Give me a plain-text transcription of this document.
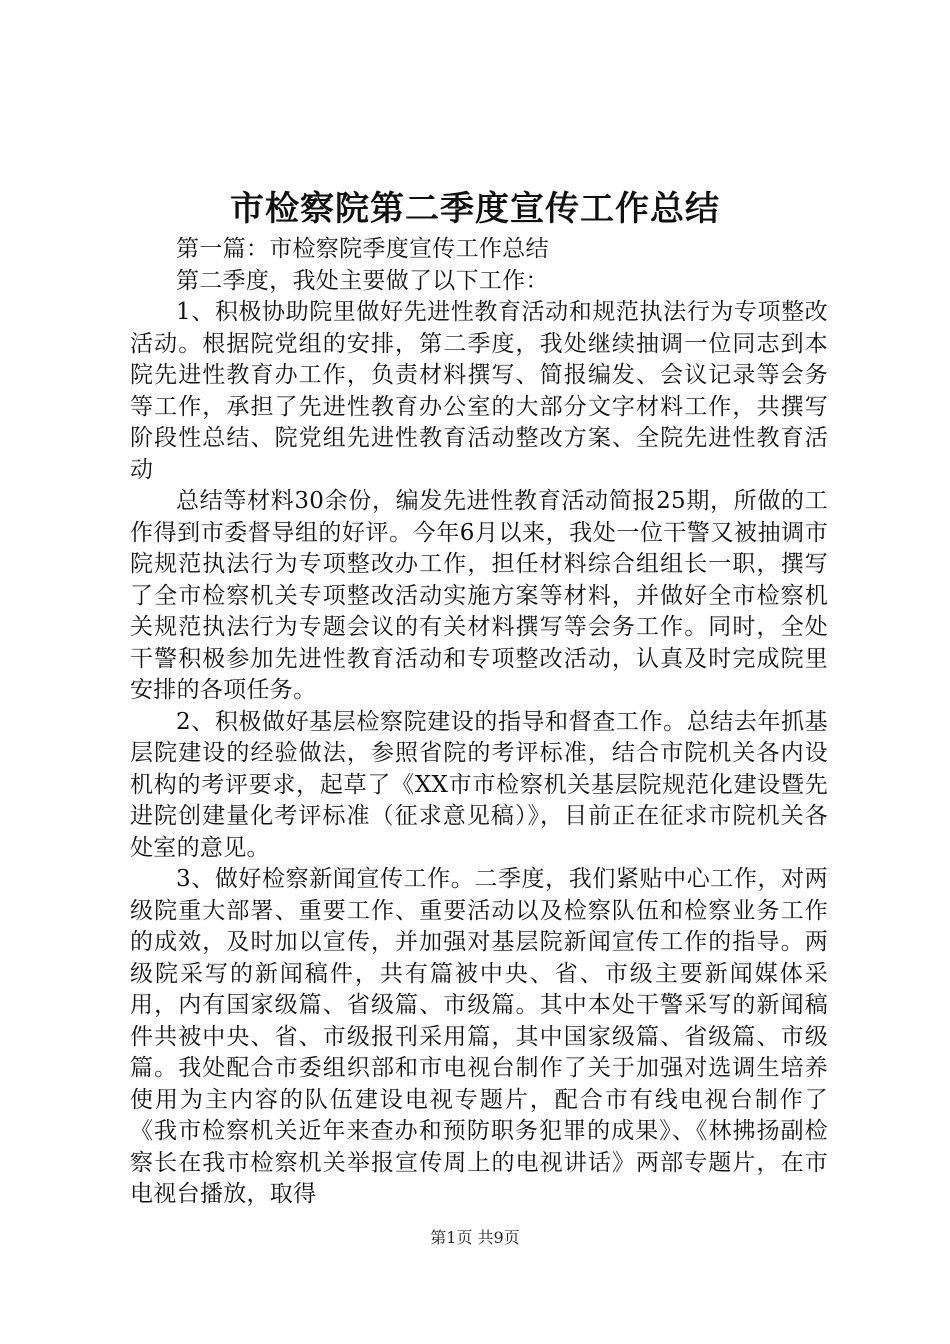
市检察院第二季度宣传工作总结

第一篇：市检察院季度宣传工作总结

第二季度，我处主要做了以下工作：

1、积极协助院里做好先进性教育活动和规范执法行为专项整改活动。根据院党组的安排，第二季度，我处继续抽调一位同志到本院先进性教育办工作，负责材料撰写、简报编发、会议记录等会务等工作，承担了先进性教育办公室的大部分文字材料工作，共撰写阶段性总结、院党组先进性教育活动整改方案、全院先进性教育活动

总结等材料30余份，编发先进性教育活动简报25期，所做的工作得到市委督导组的好评。今年6月以来，我处一位干警又被抽调市院规范执法行为专项整改办工作，担任材料综合组组长一职，撰写了全市检察机关专项整改活动实施方案等材料，并做好全市检察机关规范执法行为专题会议的有关材料撰写等会务工作。同时，全处干警积极参加先进性教育活动和专项整改活动，认真及时完成院里安排的各项任务。

2、积极做好基层检察院建设的指导和督查工作。总结去年抓基层院建设的经验做法，参照省院的考评标准，结合市院机关各内设机构的考评要求，起草了《XX市市检察机关基层院规范化建设暨先进院创建量化考评标准（征求意见稿）》，目前正在征求市院机关各处室的意见。

3、做好检察新闻宣传工作。二季度，我们紧贴中心工作，对两级院重大部署、重要工作、重要活动以及检察队伍和检察业务工作的成效，及时加以宣传，并加强对基层院新闻宣传工作的指导。两级院采写的新闻稿件，共有篇被中央、省、市级主要新闻媒体采用，内有国家级篇、省级篇、市级篇。其中本处干警采写的新闻稿件共被中央、省、市级报刊采用篇，其中国家级篇、省级篇、市级篇。我处配合市委组织部和市电视台制作了关于加强对选调生培养使用为主内容的队伍建设电视专题片，配合市有线电视台制作了《我市检察机关近年来查办和预防职务犯罪的成果》、《林拂扬副检察长在我市检察机关举报宣传周上的电视讲话》两部专题片，在市电视台播放，取得

第1页 共9页
